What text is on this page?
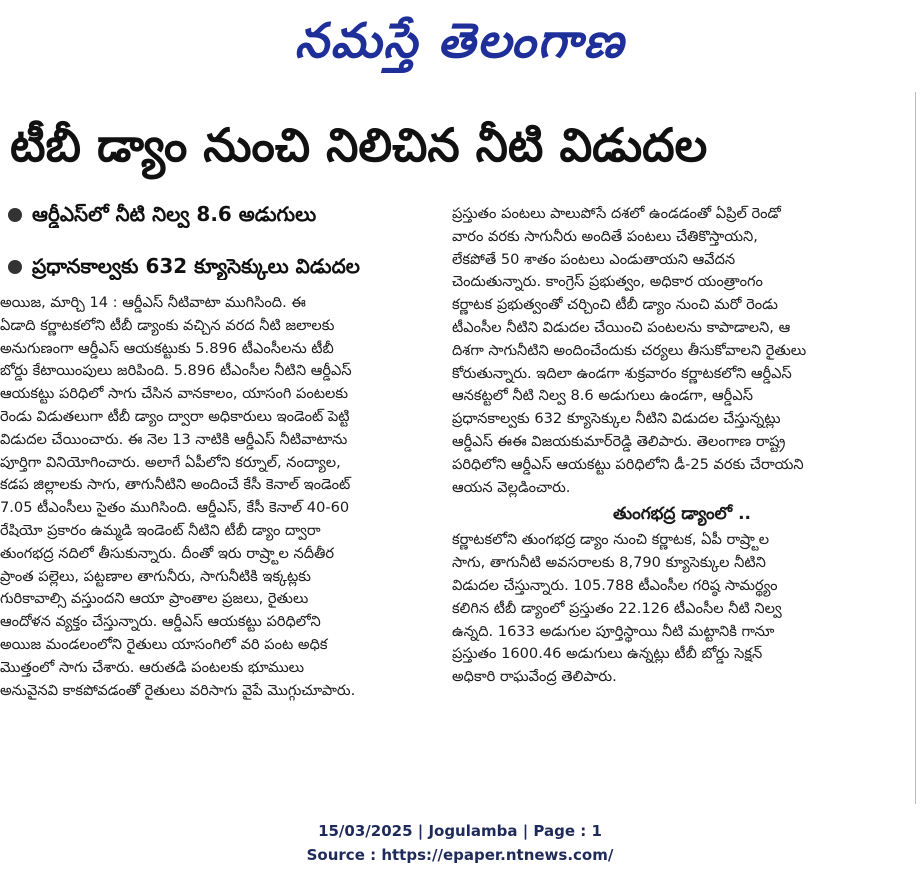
నమస్తే తెలంగాణ
టీబీ డ్యాం నుంచి నిలిచిన నీటి విడుదల
ఆర్డీఎస్‌లో నీటి నిల్వ 8.6 అడుగులు
ప్రధానకాల్వకు 632 క్యూసెక్కులు విడుదల

అయిజ, మార్చి 14 : ఆర్డీఎస్ నీటివాటా ముగిసింది. ఈ

ఏడాది కర్ణాటకలోని టీబీ డ్యాంకు వచ్చిన వరద నీటి జలాలకు

అనుగుణంగా ఆర్డీఎస్ ఆయకట్టుకు 5.896 టీఎంసీలను టీబీ

బోర్డు కేటాయింపులు జరిపింది. 5.896 టీఎంసీల నీటిని ఆర్డీఎస్

ఆయకట్టు పరిధిలో సాగు చేసిన వానకాలం, యాసంగి పంటలకు

రెండు విడుతలుగా టీబీ డ్యాం ద్వారా అధికారులు ఇండెంట్ పెట్టి

విడుదల చేయించారు. ఈ నెల 13 నాటికి ఆర్డీఎస్ నీటివాటాను

పూర్తిగా వినియోగించారు. అలాగే ఏపీలోని కర్నూల్, నంద్యాల,

కడప జిల్లాలకు సాగు, తాగునీటిని అందించే కేసీ కెనాల్ ఇండెంట్

7.05 టీఎంసీలు సైతం ముగిసింది. ఆర్డీఎస్, కేసీ కెనాల్ 40-60

రేషియో ప్రకారం ఉమ్మడి ఇండెంట్ నీటిని టీబీ డ్యాం ద్వారా

తుంగభద్ర నదిలో తీసుకున్నారు. దీంతో ఇరు రాష్ర్టాల నదీతీర

ప్రాంత పల్లెలు, పట్టణాల తాగునీరు, సాగునీటికి ఇక్కట్లకు

గురికావాల్సి వస్తుందని ఆయా ప్రాంతాల ప్రజలు, రైతులు

ఆందోళన వ్యక్తం చేస్తున్నారు. ఆర్డీఎస్ ఆయకట్టు పరిధిలోని

అయిజ మండలంలోని రైతులు యాసంగిలో వరి పంట అధిక

మొత్తంలో సాగు చేశారు. ఆరుతడి పంటలకు భూములు

అనువైనవి కాకపోవడంతో రైతులు వరిసాగు వైపే మొగ్గుచూపారు.

ప్రస్తుతం పంటలు పాలుపోసే దశలో ఉండడంతో ఏప్రిల్ రెండో

వారం వరకు సాగునీరు అందితే పంటలు చేతికొస్తాయని,

లేకపోతే 50 శాతం పంటలు ఎండుతాయని ఆవేదన

చెందుతున్నారు. కాంగ్రెస్ ప్రభుత్వం, అధికార యంత్రాంగం

కర్ణాటక ప్రభుత్వంతో చర్చించి టీబీ డ్యాం నుంచి మరో రెండు

టీఎంసీల నీటిని విడుదల చేయించి పంటలను కాపాడాలని, ఆ

దిశగా సాగునీటిని అందించేందుకు చర్యలు తీసుకోవాలని రైతులు

కోరుతున్నారు. ఇదిలా ఉండగా శుక్రవారం కర్ణాటకలోని ఆర్డీఎస్

ఆనకట్టలో నీటి నిల్వ 8.6 అడుగులు ఉండగా, ఆర్డీఎస్

ప్రధానకాల్వకు 632 క్యూసెక్కుల నీటిని విడుదల చేస్తున్నట్లు

ఆర్డీఎస్ ఈఈ విజయకుమార్‌రెడ్డి తెలిపారు. తెలంగాణ రాష్ట్ర

పరిధిలోని ఆర్డీఎస్ ఆయకట్టు పరిధిలోని డీ-25 వరకు చేరాయని

ఆయన వెల్లడించారు.

తుంగభద్ర డ్యాంలో ..

కర్ణాటకలోని తుంగభద్ర డ్యాం నుంచి కర్ణాటక, ఏపీ రాష్ర్టాల

సాగు, తాగునీటి అవసరాలకు 8,790 క్యూసెక్కుల నీటిని

విడుదల చేస్తున్నారు. 105.788 టీఎంసీల గరిష్ఠ సామర్థ్యం

కలిగిన టీబీ డ్యాంలో ప్రస్తుతం 22.126 టీఎంసీల నీటి నిల్వ

ఉన్నది. 1633 అడుగుల పూర్తిస్థాయి నీటి మట్టానికి గానూ

ప్రస్తుతం 1600.46 అడుగులు ఉన్నట్లు టీబీ బోర్డు సెక్షన్

అధికారి రాఘవేంద్ర తెలిపారు.

15/03/2025 | Jogulamba | Page : 1
Source : https://epaper.ntnews.com/
